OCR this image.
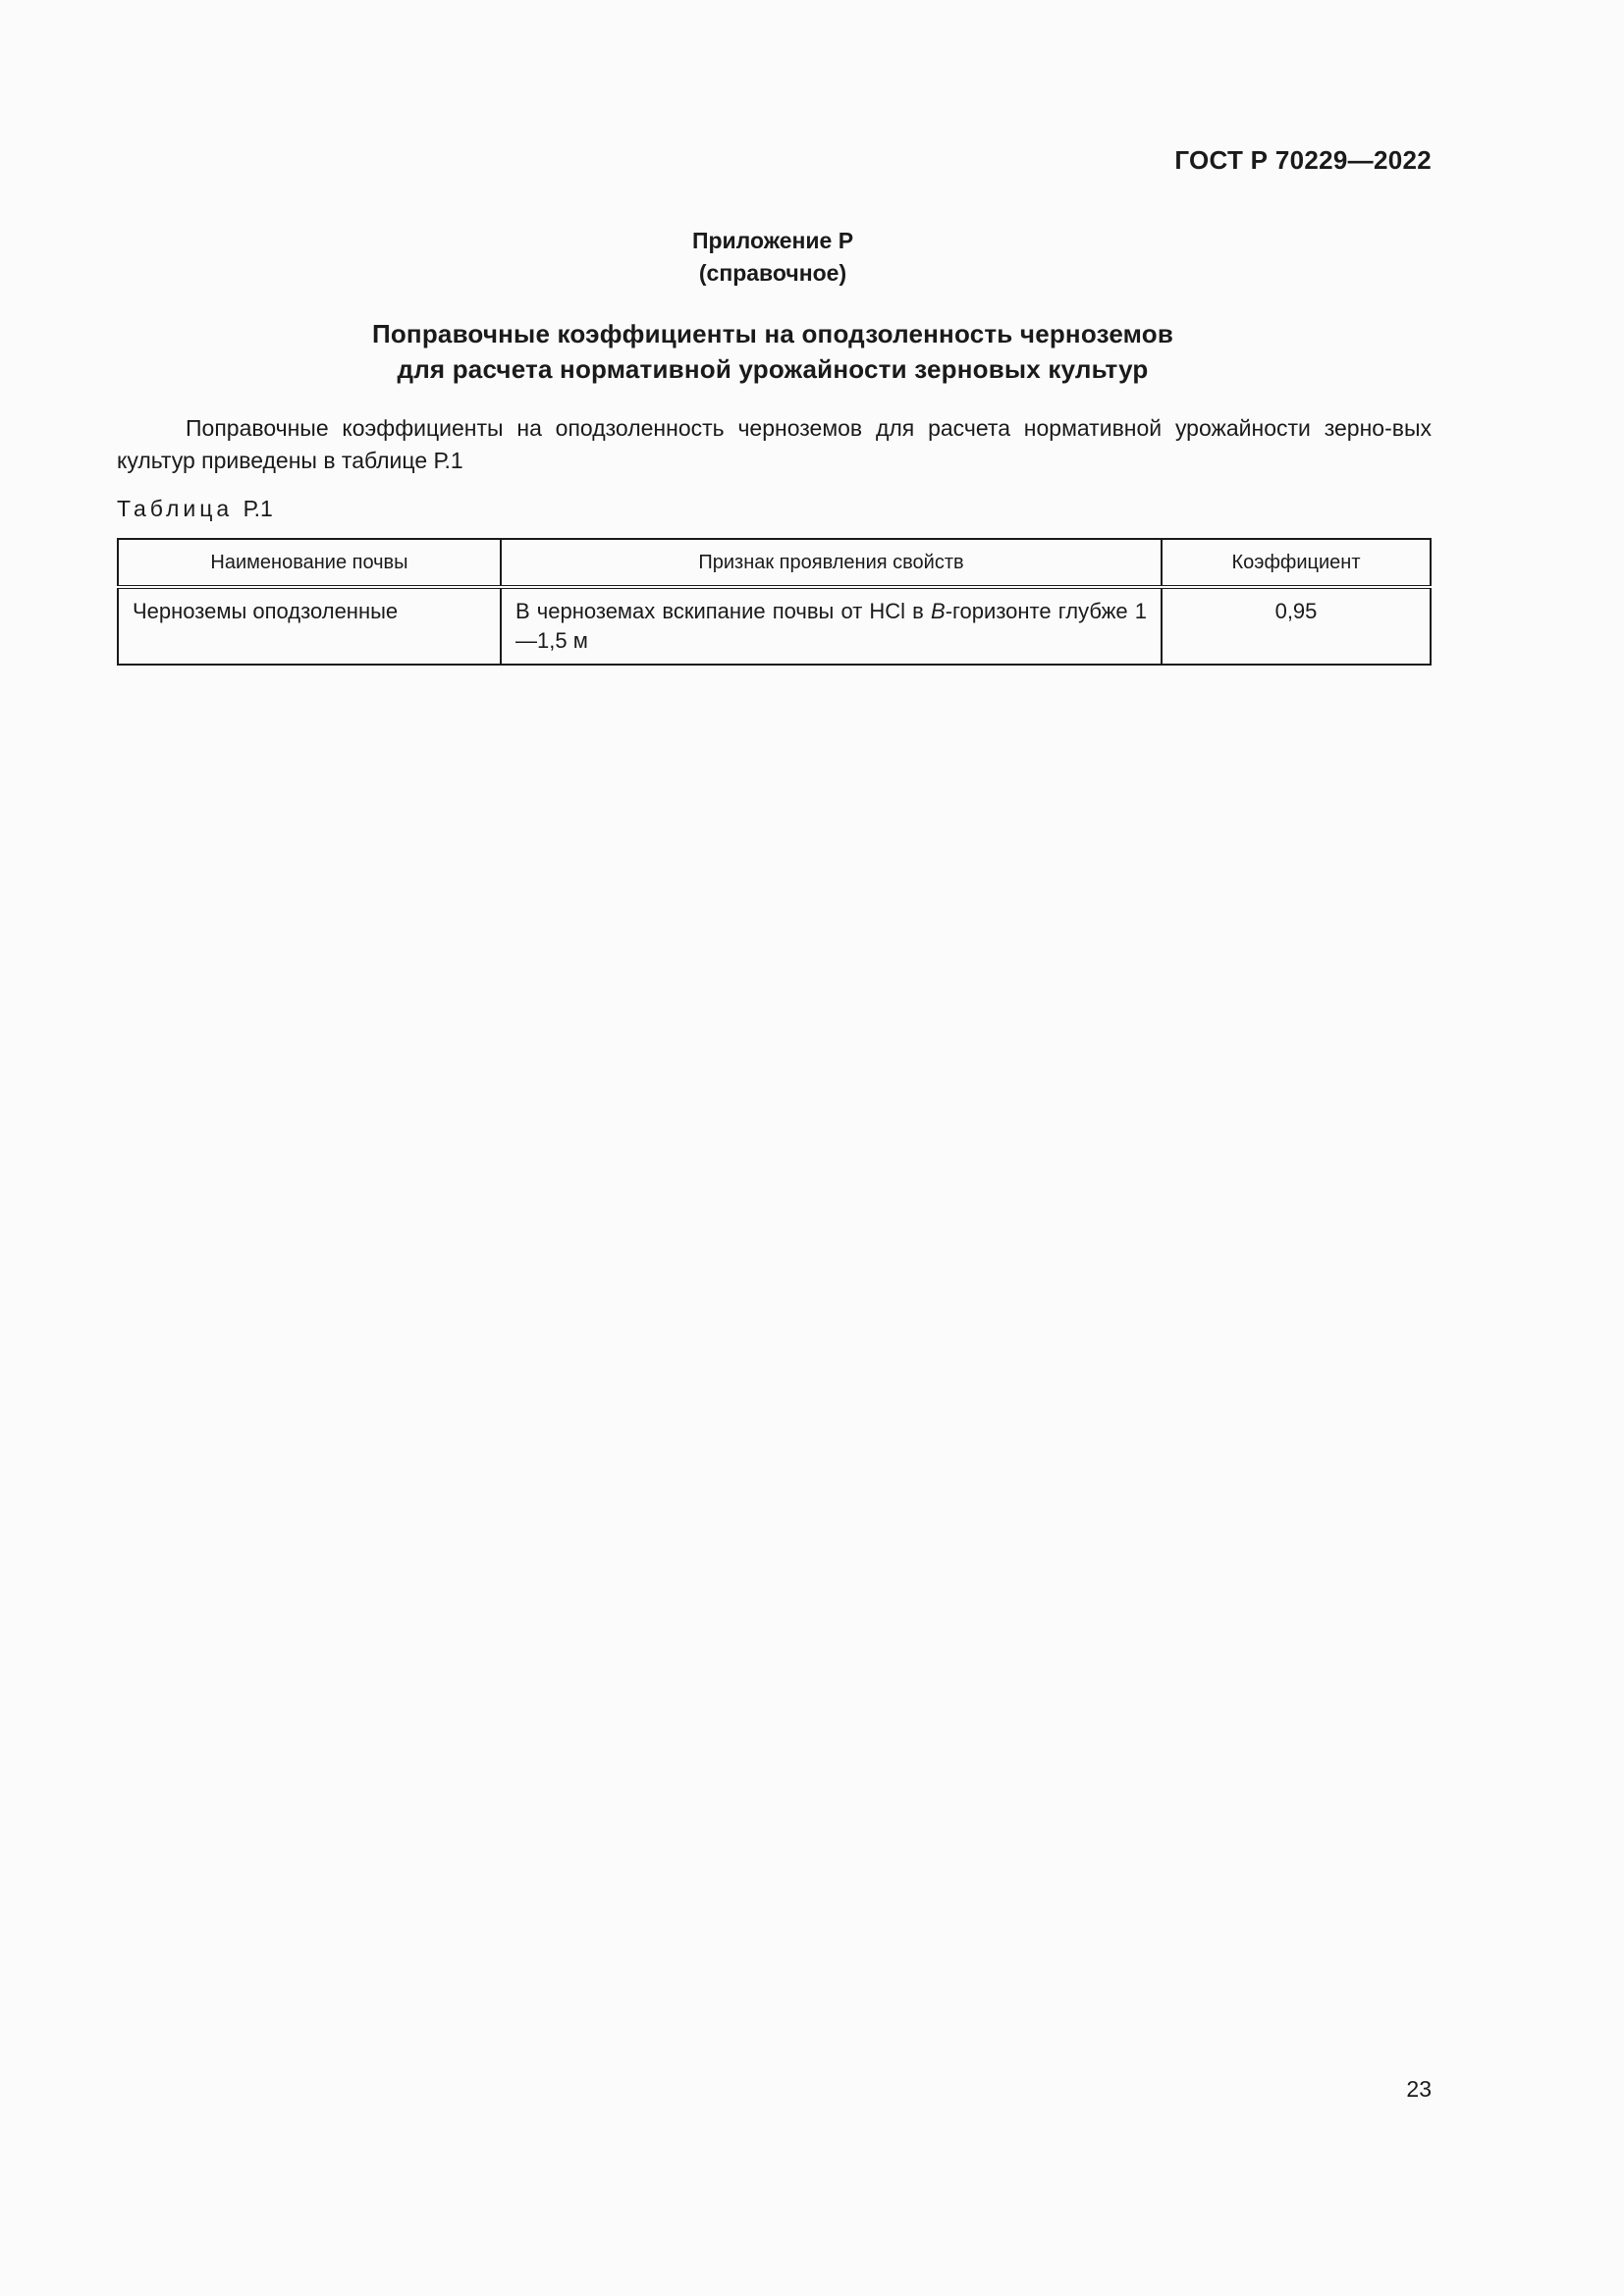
ГОСТ Р 70229—2022
Приложение Р
(справочное)
Поправочные коэффициенты на оподзоленность черноземов
для расчета нормативной урожайности зерновых культур

Поправочные коэффициенты на оподзоленность черноземов для расчета нормативной урожайности зерно-вых культур приведены в таблице Р.1

Таблица Р.1
Наименование почвы	Признак проявления свойств	Коэффициент
Черноземы оподзоленные	В черноземах вскипание почвы от HCl в B-горизонте глубже 1—1,5 м	0,95
23
